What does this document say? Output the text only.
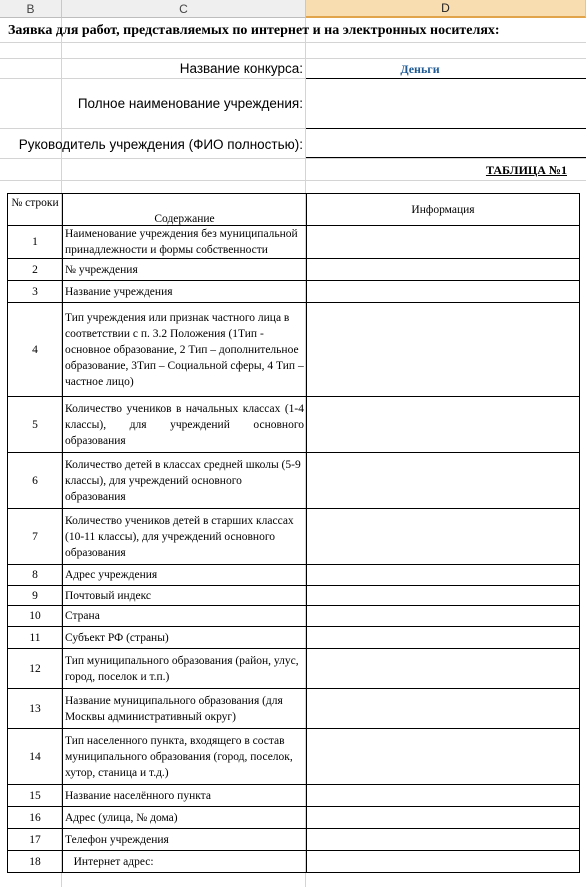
B	C	D
Заявка для работ, представляемых по интернет и на электронных носителях:
Название конкурса:	Деньги
Полное наименование учреждения:
Руководитель учреждения (ФИО полностью):
ТАБЛИЦА №1
№ строки	Содержание	Информация
1	Наименование учреждения без муниципальной принадлежности и формы собственности	
2	№ учреждения	
3	Название учреждения	
4	Тип учреждения или признак частного лица в соответствии с п. 3.2 Положения (1Тип - основное образование, 2 Тип – дополнительное образование, 3Тип – Социальной сферы, 4 Тип – частное лицо)	
5	Количество учеников в начальных классах (1-4 классы), для учреждений основного образования	
6	Количество детей в классах средней школы (5-9 классы), для учреждений основного образования	
7	Количество учеников детей в старших классах (10-11 классы), для учреждений основного образования	
8	Адрес учреждения	
9	Почтовый индекс	
10	Страна	
11	Субъект РФ (страны)	
12	Тип муниципального образования (район, улус, город, поселок и т.п.)	
13	Название муниципального образования (для Москвы административный округ)	
14	Тип населенного пункта, входящего в состав муниципального образования (город, поселок, хутор, станица и т.д.)	
15	Название населённого пункта	
16	Адрес (улица, № дома)	
17	Телефон учреждения	
18	Интернет адрес:	
